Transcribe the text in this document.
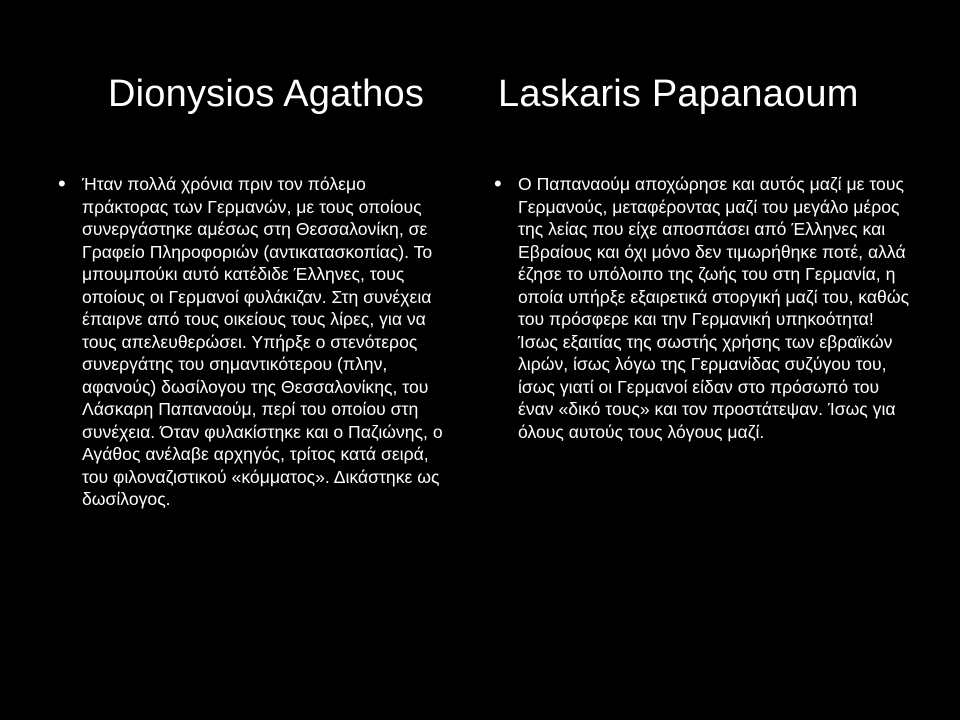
Dionysios Agathos Laskaris Papanaoum
• Ήταν πολλά χρόνια πριν τον πόλεμο πράκτορας των Γερμανών, με τους οποίους συνεργάστηκε αμέσως στη Θεσσαλονίκη, σε Γραφείο Πληροφοριών (αντικατασκοπίας). Το μπουμπούκι αυτό κατέδιδε Έλληνες, τους οποίους οι Γερμανοί φυλάκιζαν. Στη συνέχεια έπαιρνε από τους οικείους τους λίρες, για να τους απελευθερώσει. Υπήρξε ο στενότερος συνεργάτης του σημαντικότερου (πλην, αφανούς) δωσίλογου της Θεσσαλονίκης, του Λάσκαρη Παπαναούμ, περί του οποίου στη συνέχεια. Όταν φυλακίστηκε και ο Παζιώνης, ο Αγάθος ανέλαβε αρχηγός, τρίτος κατά σειρά, του φιλοναζιστικού «κόμματος». Δικάστηκε ως δωσίλογος.

• Ο Παπαναούμ αποχώρησε και αυτός μαζί με τους Γερμανούς, μεταφέροντας μαζί του μεγάλο μέρος της λείας που είχε αποσπάσει από Έλληνες και Εβραίους και όχι μόνο δεν τιμωρήθηκε ποτέ, αλλά έζησε το υπόλοιπο της ζωής του στη Γερμανία, η οποία υπήρξε εξαιρετικά στοργική μαζί του, καθώς του πρόσφερε και την Γερμανική υπηκοότητα! Ίσως εξαιτίας της σωστής χρήσης των εβραϊκών λιρών, ίσως λόγω της Γερμανίδας συζύγου του, ίσως γιατί οι Γερμανοί είδαν στο πρόσωπό του έναν «δικό τους» και τον προστάτεψαν. Ίσως για όλους αυτούς τους λόγους μαζί.
